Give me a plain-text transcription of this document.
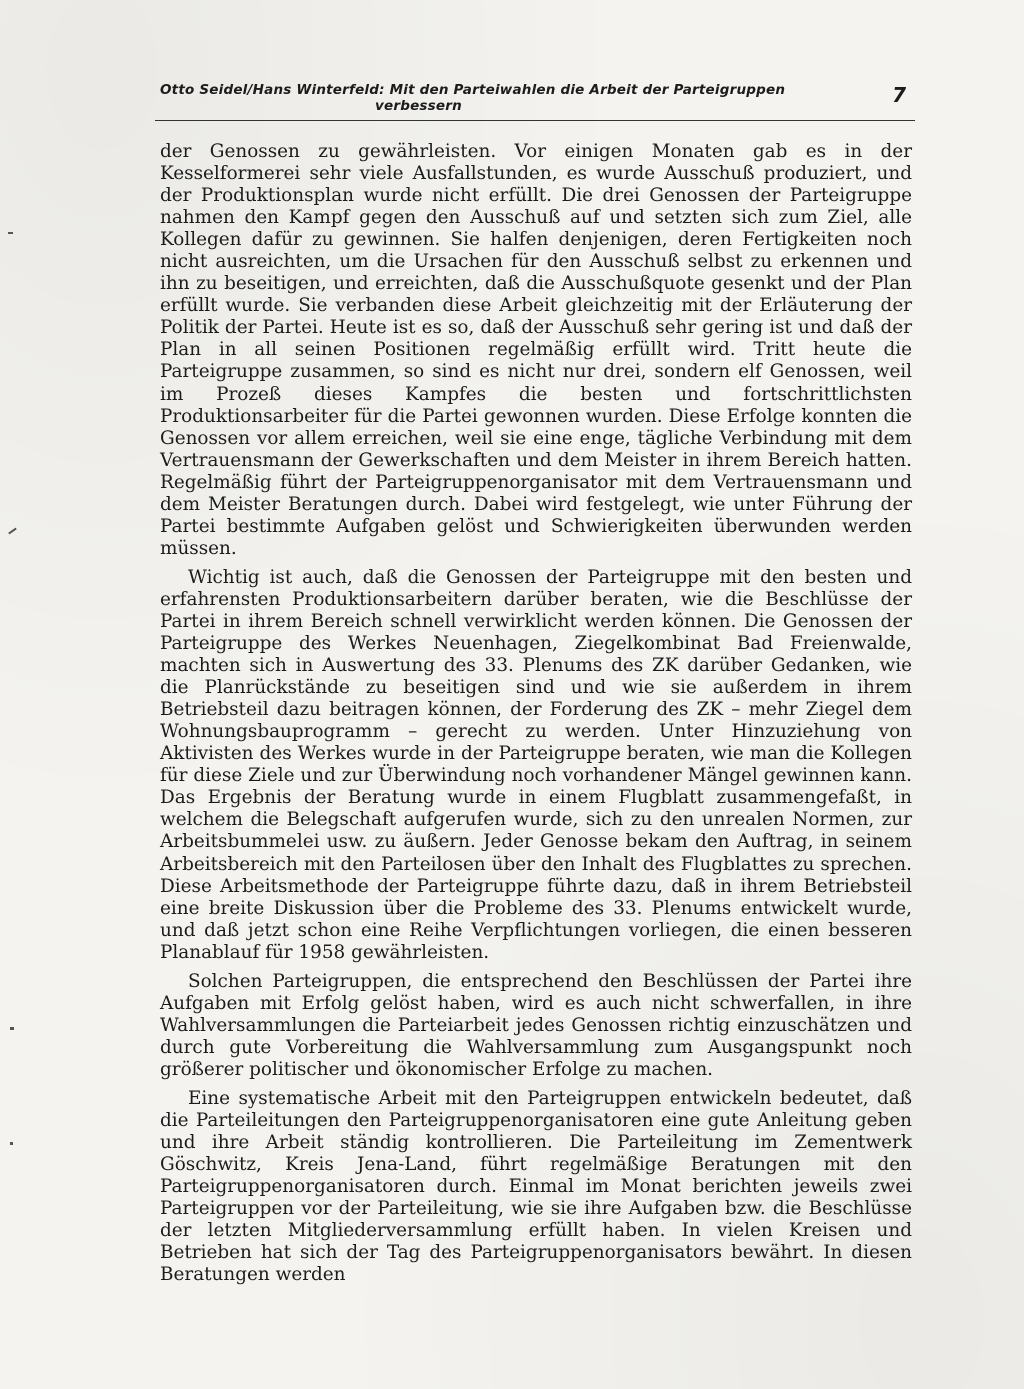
Otto Seidel/Hans Winterfeld: Mit den Parteiwahlen die Arbeit der Parteigruppen
verbessern	7

der Genossen zu gewährleisten. Vor einigen Monaten gab es in der Kesselformerei sehr viele Ausfallstunden, es wurde Ausschuß produziert, und der Produktionsplan wurde nicht erfüllt. Die drei Genossen der Parteigruppe nahmen den Kampf gegen den Ausschuß auf und setzten sich zum Ziel, alle Kollegen dafür zu gewinnen. Sie halfen denjenigen, deren Fertigkeiten noch nicht ausreichten, um die Ursachen für den Ausschuß selbst zu erkennen und ihn zu beseitigen, und erreichten, daß die Ausschußquote gesenkt und der Plan erfüllt wurde. Sie verbanden diese Arbeit gleichzeitig mit der Erläuterung der Politik der Partei. Heute ist es so, daß der Ausschuß sehr gering ist und daß der Plan in all seinen Positionen regelmäßig erfüllt wird. Tritt heute die Parteigruppe zusammen, so sind es nicht nur drei, sondern elf Genossen, weil im Prozeß dieses Kampfes die besten und fortschrittlichsten Produktionsarbeiter für die Partei gewonnen wurden. Diese Erfolge konnten die Genossen vor allem erreichen, weil sie eine enge, tägliche Verbindung mit dem Vertrauensmann der Gewerkschaften und dem Meister in ihrem Bereich hatten. Regelmäßig führt der Parteigruppenorganisator mit dem Vertrauensmann und dem Meister Beratungen durch. Dabei wird festgelegt, wie unter Führung der Partei bestimmte Aufgaben gelöst und Schwierigkeiten überwunden werden müssen.

Wichtig ist auch, daß die Genossen der Parteigruppe mit den besten und erfahrensten Produktionsarbeitern darüber beraten, wie die Beschlüsse der Partei in ihrem Bereich schnell verwirklicht werden können. Die Genossen der Parteigruppe des Werkes Neuenhagen, Ziegelkombinat Bad Freienwalde, machten sich in Auswertung des 33. Plenums des ZK darüber Gedanken, wie die Planrückstände zu beseitigen sind und wie sie außerdem in ihrem Betriebsteil dazu beitragen können, der Forderung des ZK – mehr Ziegel dem Wohnungsbauprogramm – gerecht zu werden. Unter Hinzuziehung von Aktivisten des Werkes wurde in der Parteigruppe beraten, wie man die Kollegen für diese Ziele und zur Überwindung noch vorhandener Mängel gewinnen kann. Das Ergebnis der Beratung wurde in einem Flugblatt zusammengefaßt, in welchem die Belegschaft aufgerufen wurde, sich zu den unrealen Normen, zur Arbeitsbummelei usw. zu äußern. Jeder Genosse bekam den Auftrag, in seinem Arbeitsbereich mit den Parteilosen über den Inhalt des Flugblattes zu sprechen. Diese Arbeitsmethode der Parteigruppe führte dazu, daß in ihrem Betriebsteil eine breite Diskussion über die Probleme des 33. Plenums entwickelt wurde, und daß jetzt schon eine Reihe Verpflichtungen vorliegen, die einen besseren Planablauf für 1958 gewährleisten.

Solchen Parteigruppen, die entsprechend den Beschlüssen der Partei ihre Aufgaben mit Erfolg gelöst haben, wird es auch nicht schwerfallen, in ihre Wahlversammlungen die Parteiarbeit jedes Genossen richtig einzuschätzen und durch gute Vorbereitung die Wahlversammlung zum Ausgangspunkt noch größerer politischer und ökonomischer Erfolge zu machen.

Eine systematische Arbeit mit den Parteigruppen entwickeln bedeutet, daß die Parteileitungen den Parteigruppenorganisatoren eine gute Anleitung geben und ihre Arbeit ständig kontrollieren. Die Parteileitung im Zementwerk Göschwitz, Kreis Jena-Land, führt regelmäßige Beratungen mit den Parteigruppenorganisatoren durch. Einmal im Monat berichten jeweils zwei Parteigruppen vor der Parteileitung, wie sie ihre Aufgaben bzw. die Beschlüsse der letzten Mitgliederversammlung erfüllt haben. In vielen Kreisen und Betrieben hat sich der Tag des Parteigruppenorganisators bewährt. In diesen Beratungen werden
